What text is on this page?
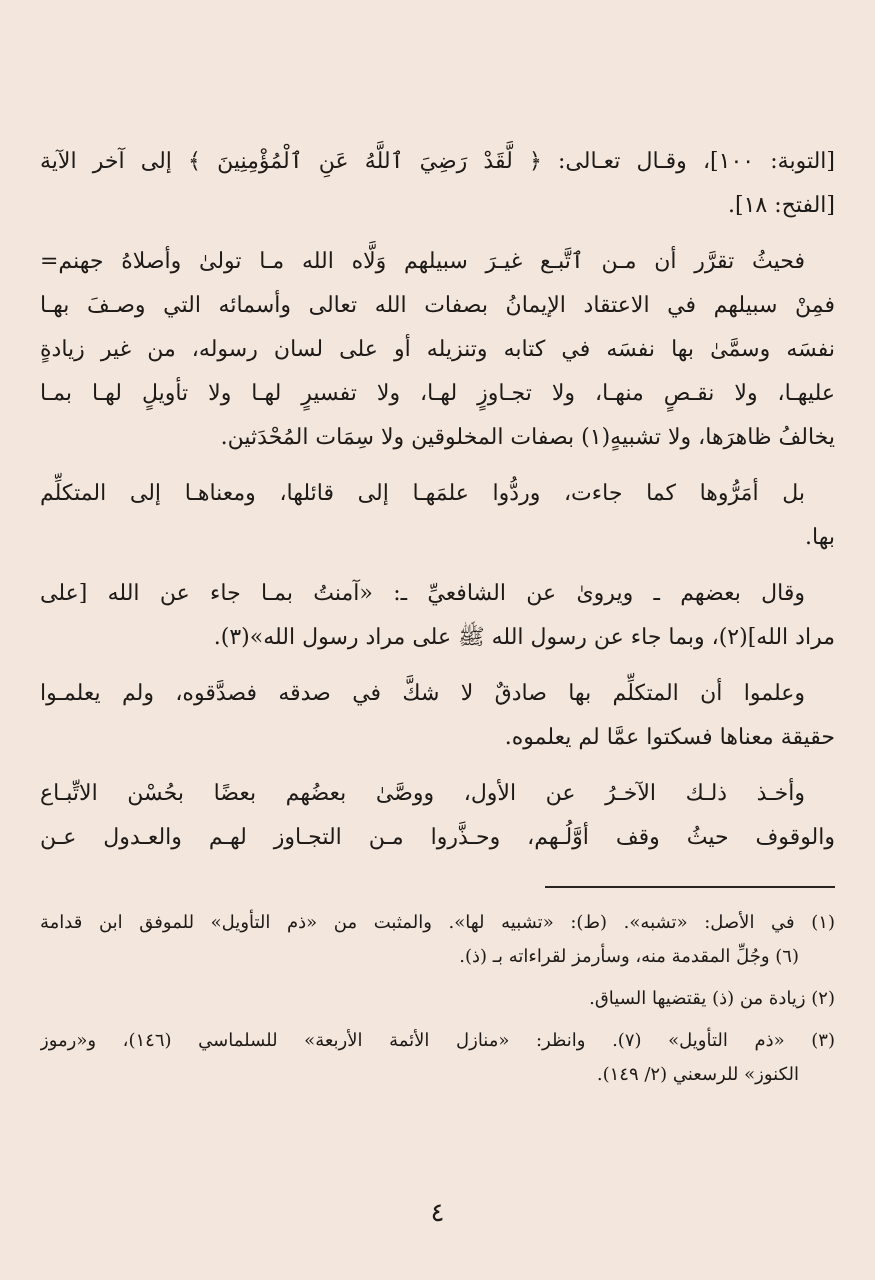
[التوبة: ١٠٠]، وقـال تعـالى: ﴿ لَّقَدْ رَضِيَ ٱللَّهُ عَنِ ٱلْمُؤْمِنِينَ ﴾ إلى آخر الآية
[الفتح: ١٨].
فحيثُ تقرَّر أن مـن ٱتَّبـع غيـرَ سبيلهم وَلَّاه الله مـا تولىٰ وأصلاهُ جهنم=
فمِنْ سبيلهم في الاعتقاد الإيمانُ بصفات الله تعالى وأسمائه التي وصـفَ بهـا
نفسَه وسمَّىٰ بها نفسَه في كتابه وتنزيله أو على لسان رسوله، من غير زيادةٍ
عليهـا، ولا نقـصٍ منهـا، ولا تجـاوزٍ لهـا، ولا تفسيرٍ لهـا ولا تأويلٍ لهـا بمـا
يخالفُ ظاهرَها، ولا تشبيهٍ(١) بصفات المخلوقين ولا سِمَات المُحْدَثين.
بل أمَرُّوها كما جاءت، وردُّوا علمَهـا إلى قائلها، ومعناهـا إلى المتكلِّم
بها.
وقال بعضهم ـ ويروىٰ عن الشافعيِّ ـ: «آمنتُ بمـا جاء عن الله [على
مراد الله](٢)، وبما جاء عن رسول الله ﷺ على مراد رسول الله»(٣).
وعلموا أن المتكلِّم بها صادقٌ لا شكَّ في صدقه فصدَّقوه، ولم يعلمـوا
حقيقة معناها فسكتوا عمَّا لم يعلموه.
وأخـذ ذلـك الآخـرُ عن الأول، ووصَّىٰ بعضُهم بعضًا بحُسْن الاتِّبـاع
والوقوف حيثُ وقف أوَّلُـهم، وحـذَّروا مـن التجـاوز لهـم والعـدول عـن
(١) في الأصل: «تشبه». (ط): «تشبيه لها». والمثبت من «ذم التأويل» للموفق ابن قدامة
(٦) وجُلِّ المقدمة منه، وسأرمز لقراءاته بـ (ذ).
(٢) زيادة من (ذ) يقتضيها السياق.
(٣) «ذم التأويل» (٧). وانظر: «منازل الأئمة الأربعة» للسلماسي (١٤٦)، و«رموز
الكنوز» للرسعني (٢/ ١٤٩).
٤
